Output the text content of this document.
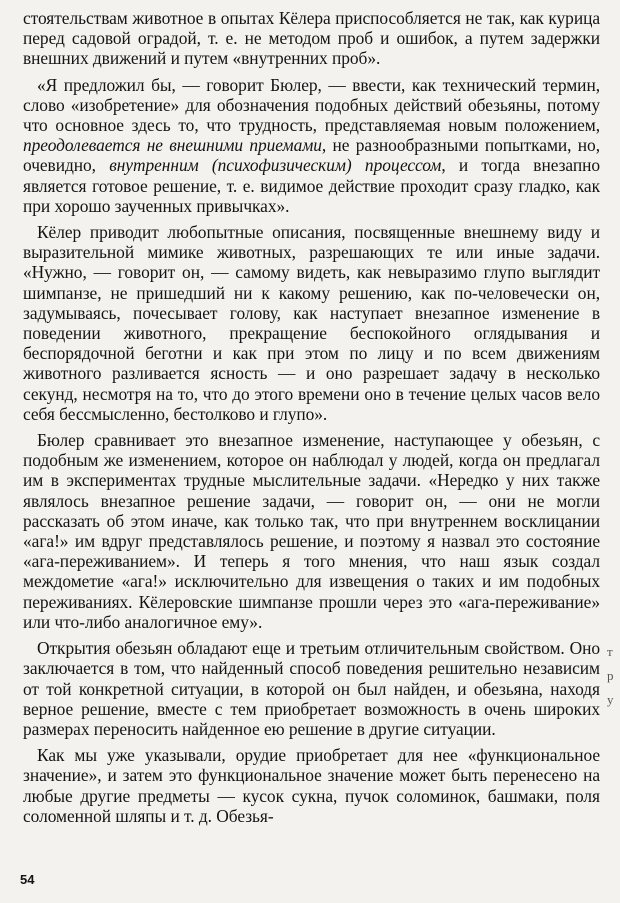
стоятельствам животное в опытах Кёлера приспособляется не так, как курица перед садовой оградой, т. е. не методом проб и ошибок, а путем задержки внешних движений и путем «внутренних проб».

«Я предложил бы, — говорит Бюлер, — ввести, как технический термин, слово «изобретение» для обозначения подобных действий обезьяны, потому что основное здесь то, что трудность, представляемая новым положением, преодолевается не внешними приемами, не разнообразными попытками, но, очевидно, внутренним (психофизическим) процессом, и тогда внезапно является готовое решение, т. е. видимое действие проходит сразу гладко, как при хорошо заученных привычках».

Кёлер приводит любопытные описания, посвященные внешнему виду и выразительной мимике животных, разрешающих те или иные задачи. «Нужно, — говорит он, — самому видеть, как невыразимо глупо выглядит шимпанзе, не пришедший ни к какому решению, как по-человечески он, задумываясь, почесывает голову, как наступает внезапное изменение в поведении животного, прекращение беспокойного оглядывания и беспорядочной беготни и как при этом по лицу и по всем движениям животного разливается ясность — и оно разрешает задачу в несколько секунд, несмотря на то, что до этого времени оно в течение целых часов вело себя бессмысленно, бестолково и глупо».

Бюлер сравнивает это внезапное изменение, наступающее у обезьян, с подобным же изменением, которое он наблюдал у людей, когда он предлагал им в экспериментах трудные мыслительные задачи. «Нередко у них также являлось внезапное решение задачи, — говорит он, — они не могли рассказать об этом иначе, как только так, что при внутреннем восклицании «ага!» им вдруг представлялось решение, и поэтому я назвал это состояние «ага-переживанием». И теперь я того мнения, что наш язык создал междометие «ага!» исключительно для извещения о таких и им подобных переживаниях. Кёлеровские шимпанзе прошли через это «ага-переживание» или что-либо аналогичное ему».

Открытия обезьян обладают еще и третьим отличительным свойством. Оно заключается в том, что найденный способ поведения решительно независим от той конкретной ситуации, в которой он был найден, и обезьяна, находя верное решение, вместе с тем приобретает возможность в очень широких размерах переносить найденное ею решение в другие ситуации.

Как мы уже указывали, орудие приобретает для нее «функциональное значение», и затем это функциональное значение может быть перенесено на любые другие предметы — кусок сукна, пучок соломинок, башмаки, поля соломенной шляпы и т. д. Обезья-

т
р
у
54
